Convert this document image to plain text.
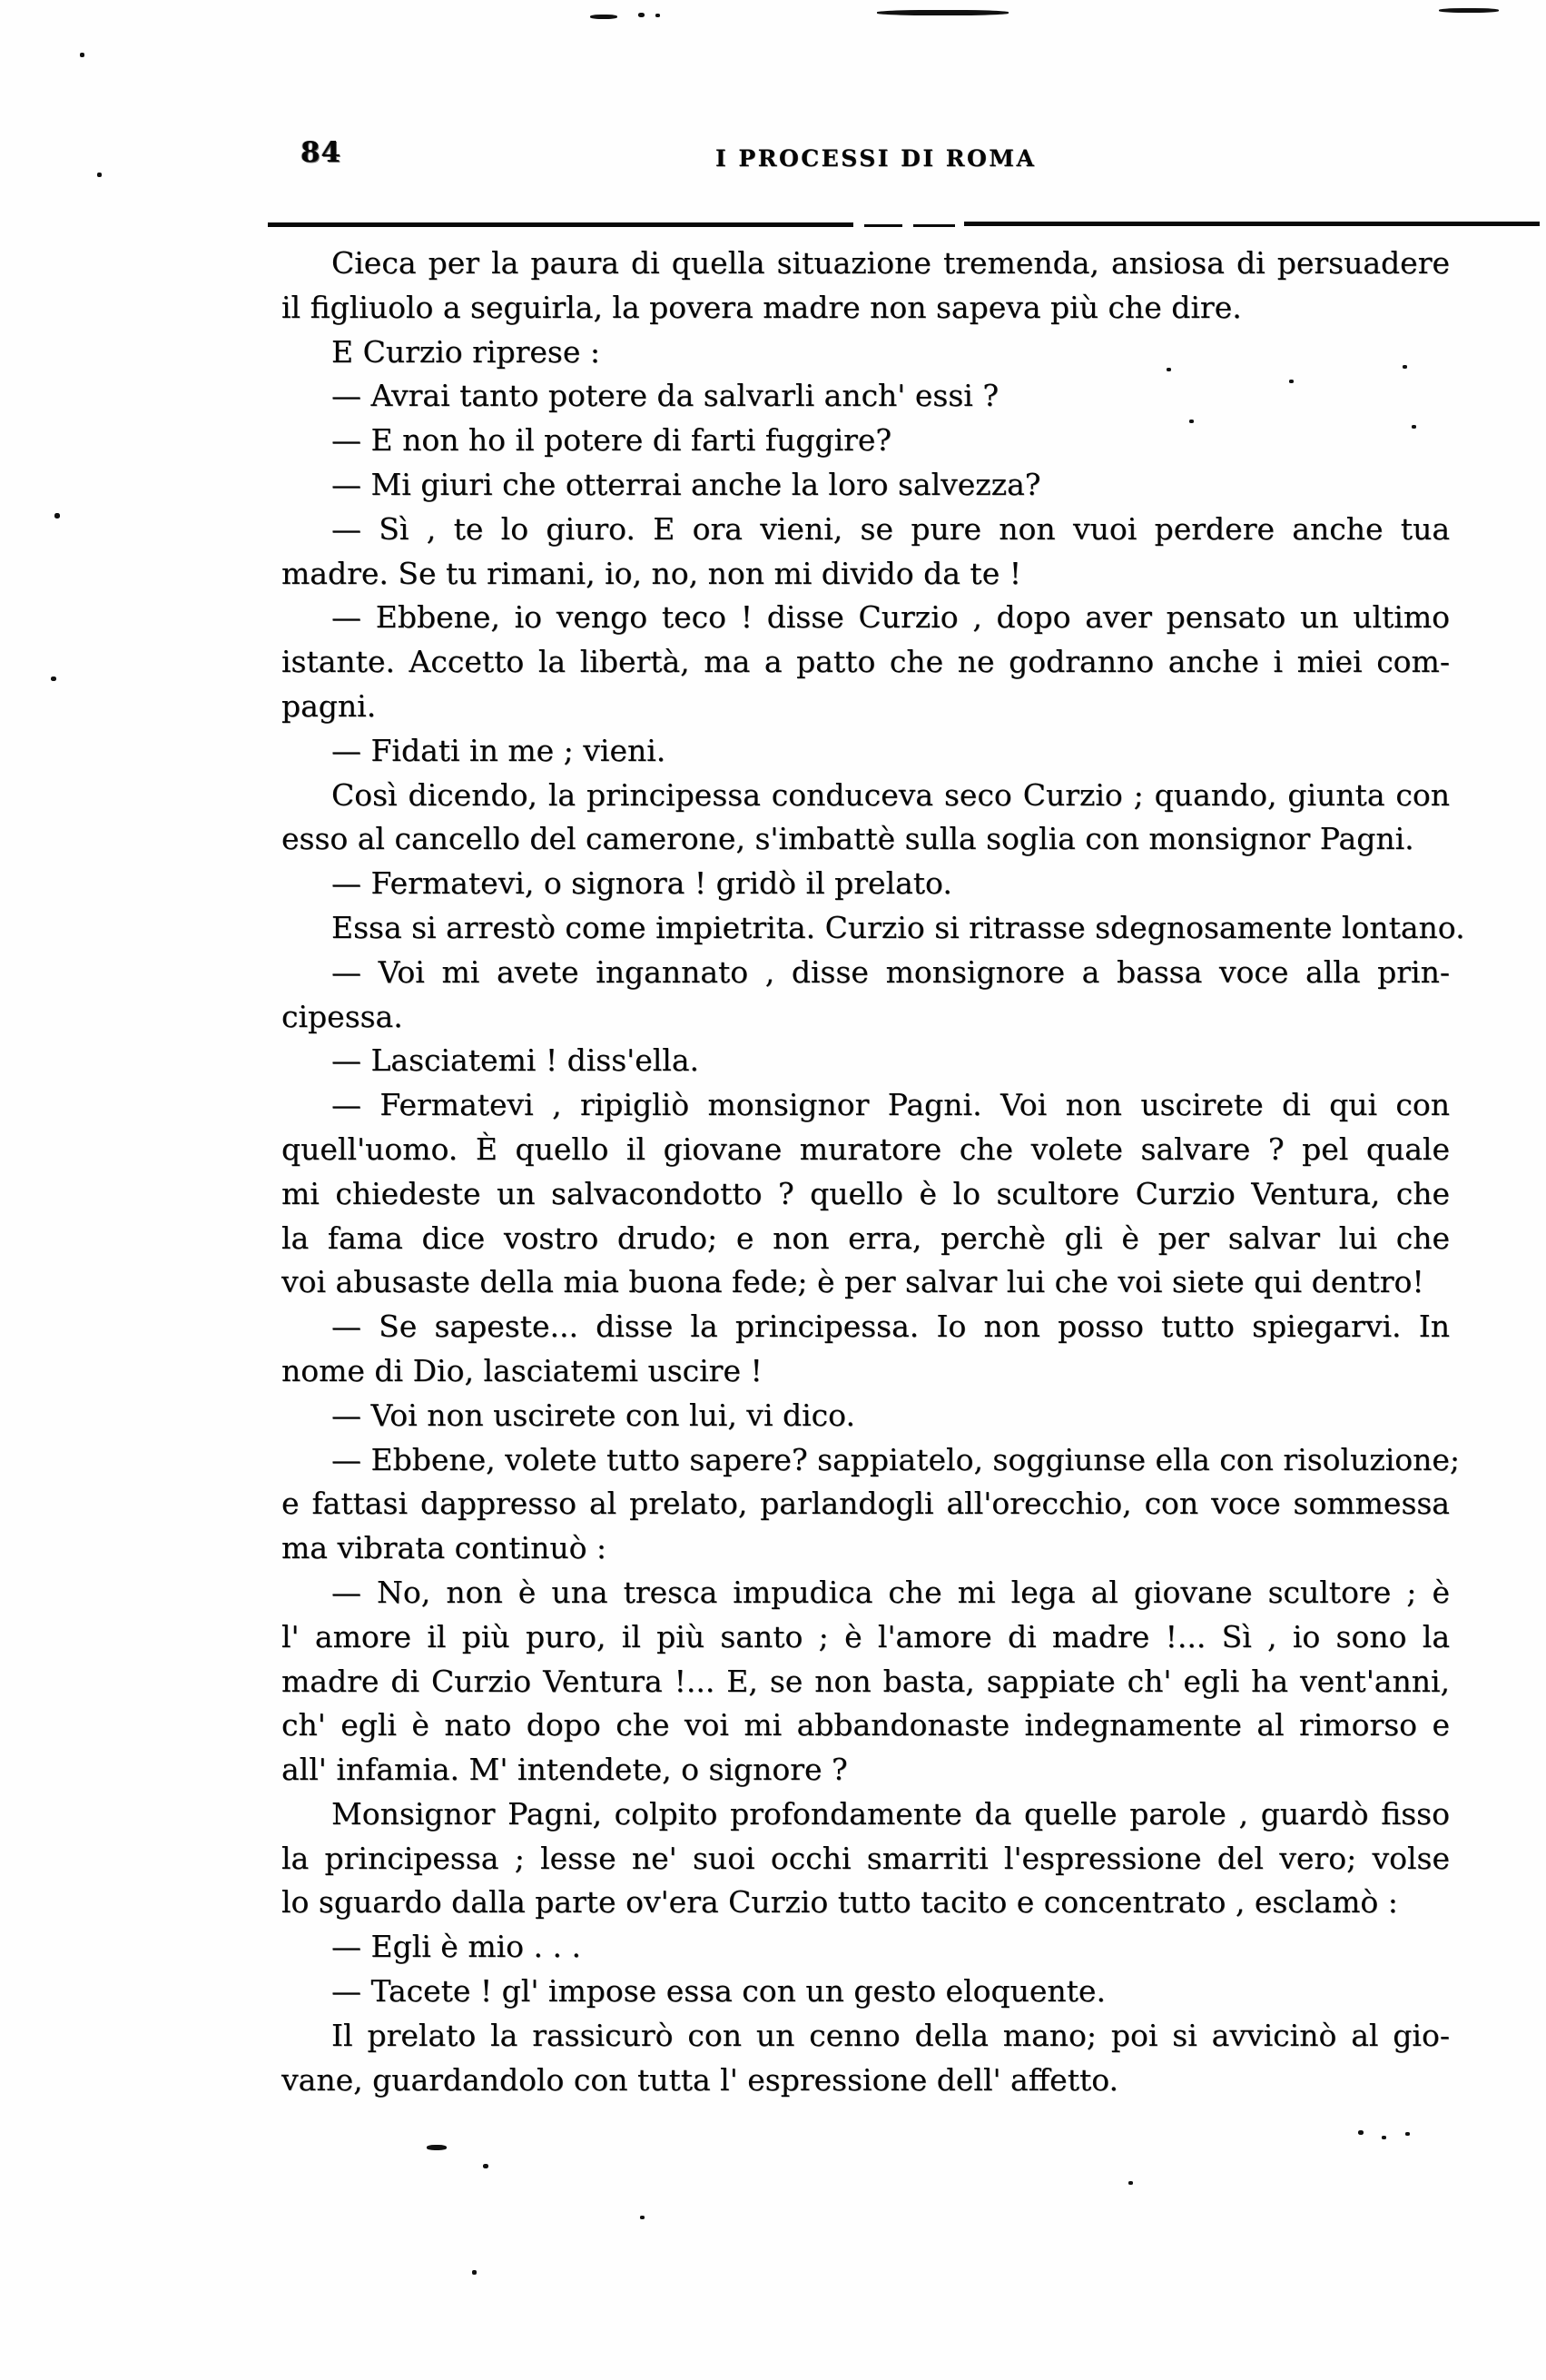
84	I PROCESSI DI ROMA
Cieca per la paura di quella situazione tremenda, ansiosa di persuadere
il figliuolo a seguirla, la povera madre non sapeva più che dire.
E Curzio riprese :
— Avrai tanto potere da salvarli anch' essi ?
— E non ho il potere di farti fuggire?
— Mi giuri che otterrai anche la loro salvezza?
— Sì , te lo giuro. E ora vieni, se pure non vuoi perdere anche tua
madre. Se tu rimani, io, no, non mi divido da te !
— Ebbene, io vengo teco ! disse Curzio , dopo aver pensato un ultimo
istante. Accetto la libertà, ma a patto che ne godranno anche i miei com-
pagni.
— Fidati in me ; vieni.
Così dicendo, la principessa conduceva seco Curzio ; quando, giunta con
esso al cancello del camerone, s'imbattè sulla soglia con monsignor Pagni.
— Fermatevi, o signora ! gridò il prelato.
Essa si arrestò come impietrita. Curzio si ritrasse sdegnosamente lontano.
— Voi mi avete ingannato , disse monsignore a bassa voce alla prin-
cipessa.
— Lasciatemi ! diss'ella.
— Fermatevi , ripigliò monsignor Pagni. Voi non uscirete di qui con
quell'uomo. È quello il giovane muratore che volete salvare ? pel quale
mi chiedeste un salvacondotto ? quello è lo scultore Curzio Ventura, che
la fama dice vostro drudo; e non erra, perchè gli è per salvar lui che
voi abusaste della mia buona fede; è per salvar lui che voi siete qui dentro!
— Se sapeste... disse la principessa. Io non posso tutto spiegarvi. In
nome di Dio, lasciatemi uscire !
— Voi non uscirete con lui, vi dico.
— Ebbene, volete tutto sapere? sappiatelo, soggiunse ella con risoluzione;
e fattasi dappresso al prelato, parlandogli all'orecchio, con voce sommessa
ma vibrata continuò :
— No, non è una tresca impudica che mi lega al giovane scultore ; è
l' amore il più puro, il più santo ; è l'amore di madre !... Sì , io sono la
madre di Curzio Ventura !... E, se non basta, sappiate ch' egli ha vent'anni,
ch' egli è nato dopo che voi mi abbandonaste indegnamente al rimorso e
all' infamia. M' intendete, o signore ?
Monsignor Pagni, colpito profondamente da quelle parole , guardò fisso
la principessa ; lesse ne' suoi occhi smarriti l'espressione del vero; volse
lo sguardo dalla parte ov'era Curzio tutto tacito e concentrato , esclamò :
— Egli è mio . . .
— Tacete ! gl' impose essa con un gesto eloquente.
Il prelato la rassicurò con un cenno della mano; poi si avvicinò al gio-
vane, guardandolo con tutta l' espressione dell' affetto.
